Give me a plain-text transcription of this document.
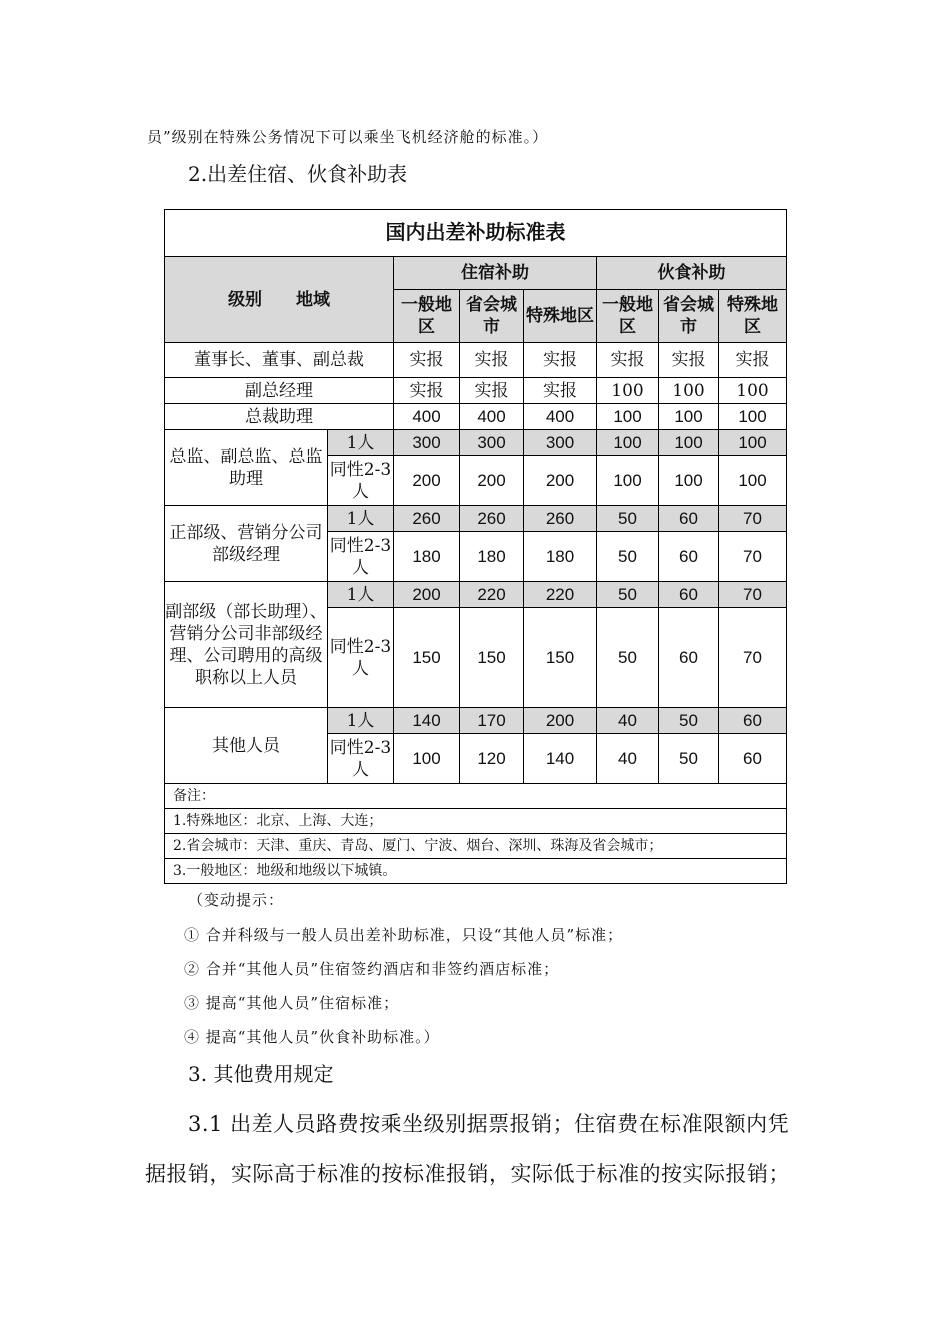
员”级别在特殊公务情况下可以乘坐飞机经济舱的标准。）
2.出差住宿、伙食补助表
国内出差补助标准表							
级别　　地域		住宿补助			伙食补助		
		一般地区	省会城市	特殊地区	一般地区	省会城市	特殊地区
董事长、董事、副总裁		实报	实报	实报	实报	实报	实报
副总经理		实报	实报	实报	100	100	100
总裁助理		400	400	400	100	100	100
总监、副总监、总监助理	1人	300	300	300	100	100	100
	同性2-3人	200	200	200	100	100	100
正部级、营销分公司部级经理	1人	260	260	260	50	60	70
	同性2-3人	180	180	180	50	60	70
副部级（部长助理）、营销分公司非部级经理、公司聘用的高级职称以上人员	1人	200	220	220	50	60	70
	同性2-3人	150	150	150	50	60	70
其他人员	1人	140	170	200	40	50	60
	同性2-3人	100	120	140	40	50	60
备注：							
1.特殊地区：北京、上海、大连；							
2.省会城市：天津、重庆、青岛、厦门、宁波、烟台、深圳、珠海及省会城市；							
3.一般地区：地级和地级以下城镇。							
（变动提示：
① 合并科级与一般人员出差补助标准，只设“其他人员”标准；
② 合并“其他人员”住宿签约酒店和非签约酒店标准；
③ 提高“其他人员”住宿标准；
④ 提高“其他人员”伙食补助标准。）
3. 其他费用规定
3.1 出差人员路费按乘坐级别据票报销；住宿费在标准限额内凭
据报销，实际高于标准的按标准报销，实际低于标准的按实际报销；
